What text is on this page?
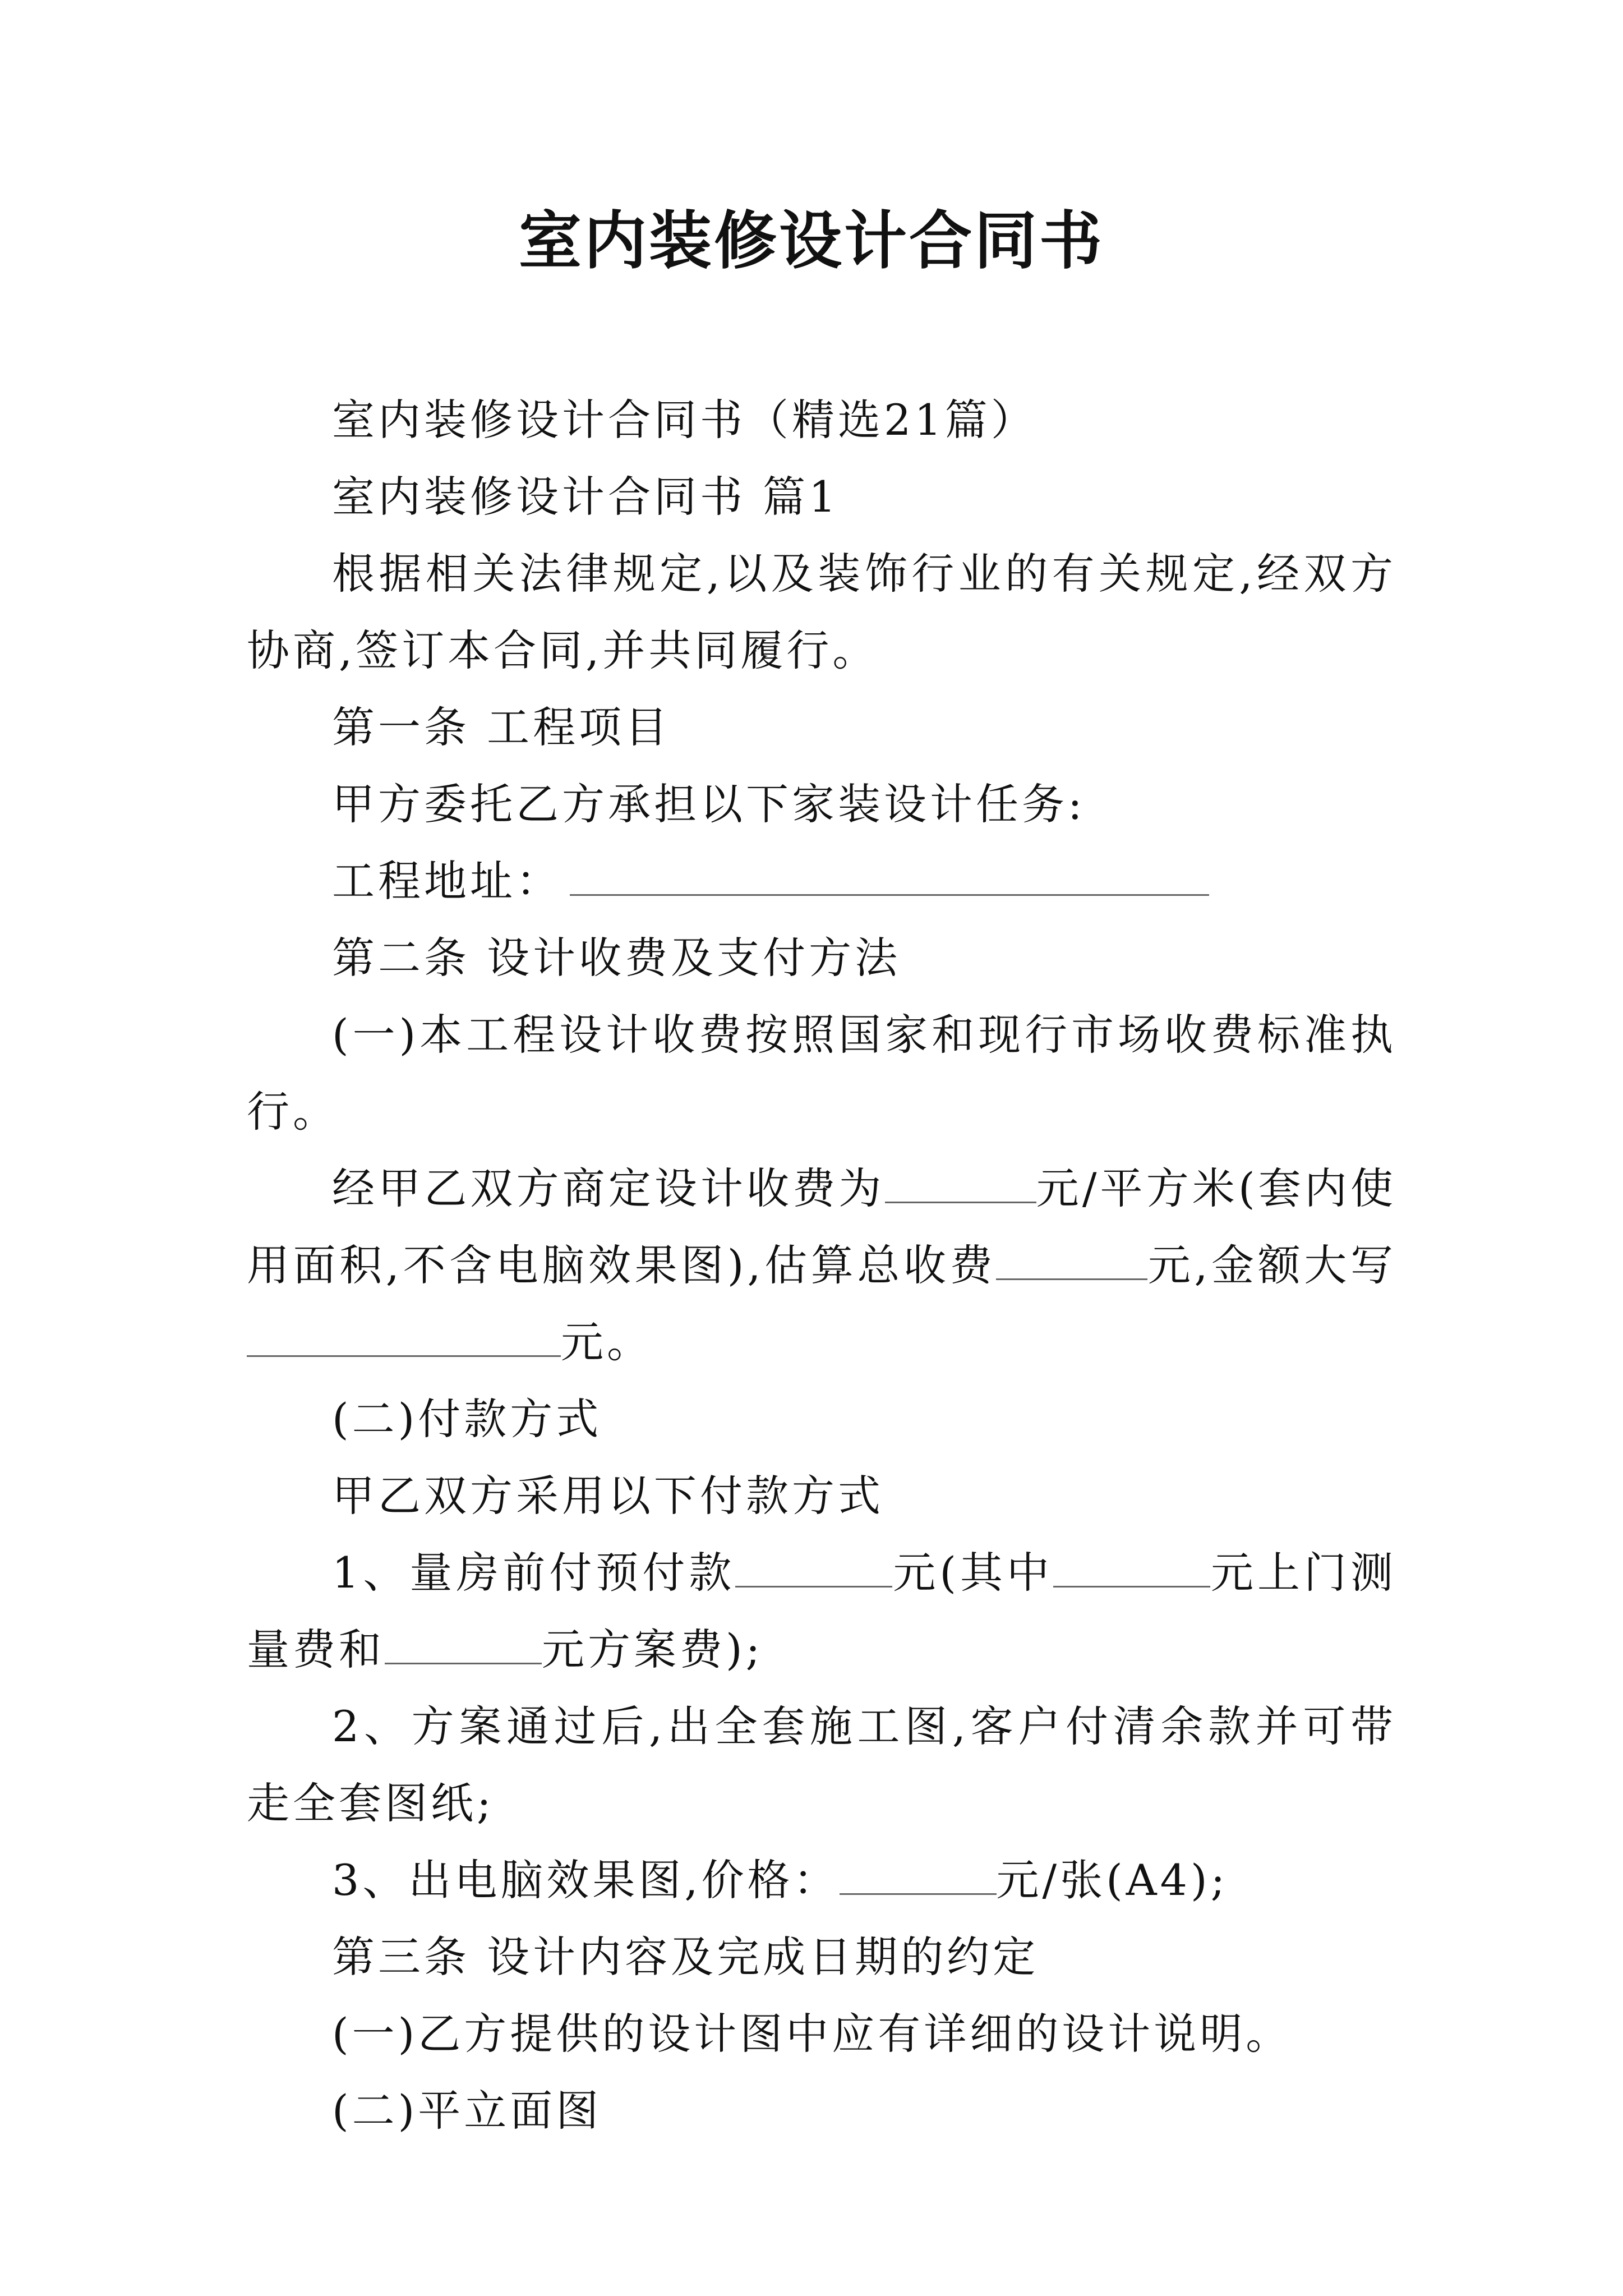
室内装修设计合同书

室内装修设计合同书（精选21篇）

室内装修设计合同书 篇1

根据相关法律规定,以及装饰行业的有关规定,经双方协商,签订本合同,并共同履行。

第一条 工程项目

甲方委托乙方承担以下家装设计任务:

工程地址：

第二条 设计收费及支付方法

(一)本工程设计收费按照国家和现行市场收费标准执行。

经甲乙双方商定设计收费为	元/平方米(套内使用面积,不含电脑效果图),估算总收费	元,金额大写元。

(二)付款方式

甲乙双方采用以下付款方式

1、量房前付预付款	元(其中	元上门测量费和	元方案费);

2、方案通过后,出全套施工图,客户付清余款并可带走全套图纸;

3、出电脑效果图,价格：	元/张(A4);

第三条 设计内容及完成日期的约定

(一)乙方提供的设计图中应有详细的设计说明。

(二)平立面图
